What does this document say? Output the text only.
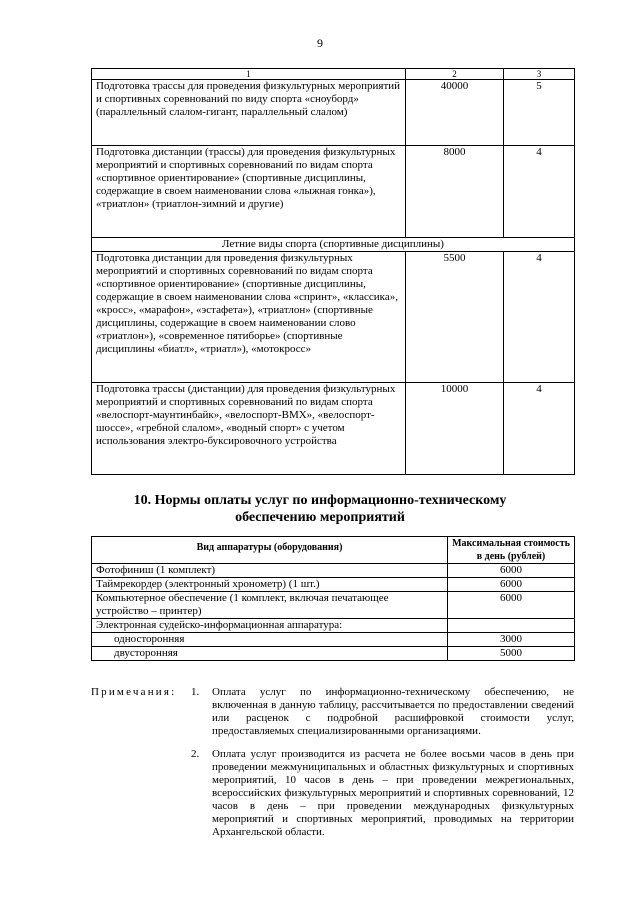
9
1	2	3
Подготовка трассы для проведения физкультурных мероприятий и спортивных соревнований по виду спорта «сноуборд» (параллельный слалом-гигант, параллельный слалом)	40000	5
Подготовка дистанции (трассы) для проведения физкультурных мероприятий и спортивных соревнований по видам спорта «спортивное ориентирование» (спортивные дисциплины, содержащие в своем наименовании слова «лыжная гонка»), «триатлон» (триатлон-зимний и другие)	8000	4
Летние виды спорта (спортивные дисциплины)		
Подготовка дистанции для проведения физкультурных мероприятий и спортивных соревнований по видам спорта «спортивное ориентирование» (спортивные дисциплины, содержащие в своем наименовании слова «спринт», «классика», «кросс», «марафон», «эстафета»), «триатлон» (спортивные дисциплины, содержащие в своем наименовании слово «триатлон»), «современное пятиборье» (спортивные дисциплины «биатл», «триатл»), «мотокросс»	5500	4
Подготовка трассы (дистанции) для проведения физкультурных мероприятий и спортивных соревнований по видам спорта «велоспорт-маунтинбайк», «велоспорт-BMX», «велоспорт-шоссе», «гребной слалом», «водный спорт» с учетом использования электро-буксировочного устройства	10000	4
10. Нормы оплаты услуг по информационно-техническому
обеспечению мероприятий
Вид аппаратуры (оборудования)	Максимальная стоимость
в день (рублей)

Фотофиниш (1 комплект)	6000
Таймрекордер (электронный хронометр) (1 шт.)	6000
Компьютерное обеспечение (1 комплект, включая печатающее устройство – принтер)	6000
Электронная судейско-информационная аппаратура:	
односторонняя	3000
двусторонняя	5000
Примечания: 1. Оплата услуг по информационно-техническому обеспечению, не включенная в данную таблицу, рассчитывается по предоставлении сведений или расценок с подробной расшифровкой стоимости услуг, предоставляемых специализированными организациями.
2. Оплата услуг производится из расчета не более восьми часов в день при проведении межмуниципальных и областных физкультурных и спортивных мероприятий, 10 часов в день – при проведении межрегиональных, всероссийских физкультурных мероприятий и спортивных соревнований, 12 часов в день – при проведении международных физкультурных мероприятий и спортивных мероприятий, проводимых на территории Архангельской области.
